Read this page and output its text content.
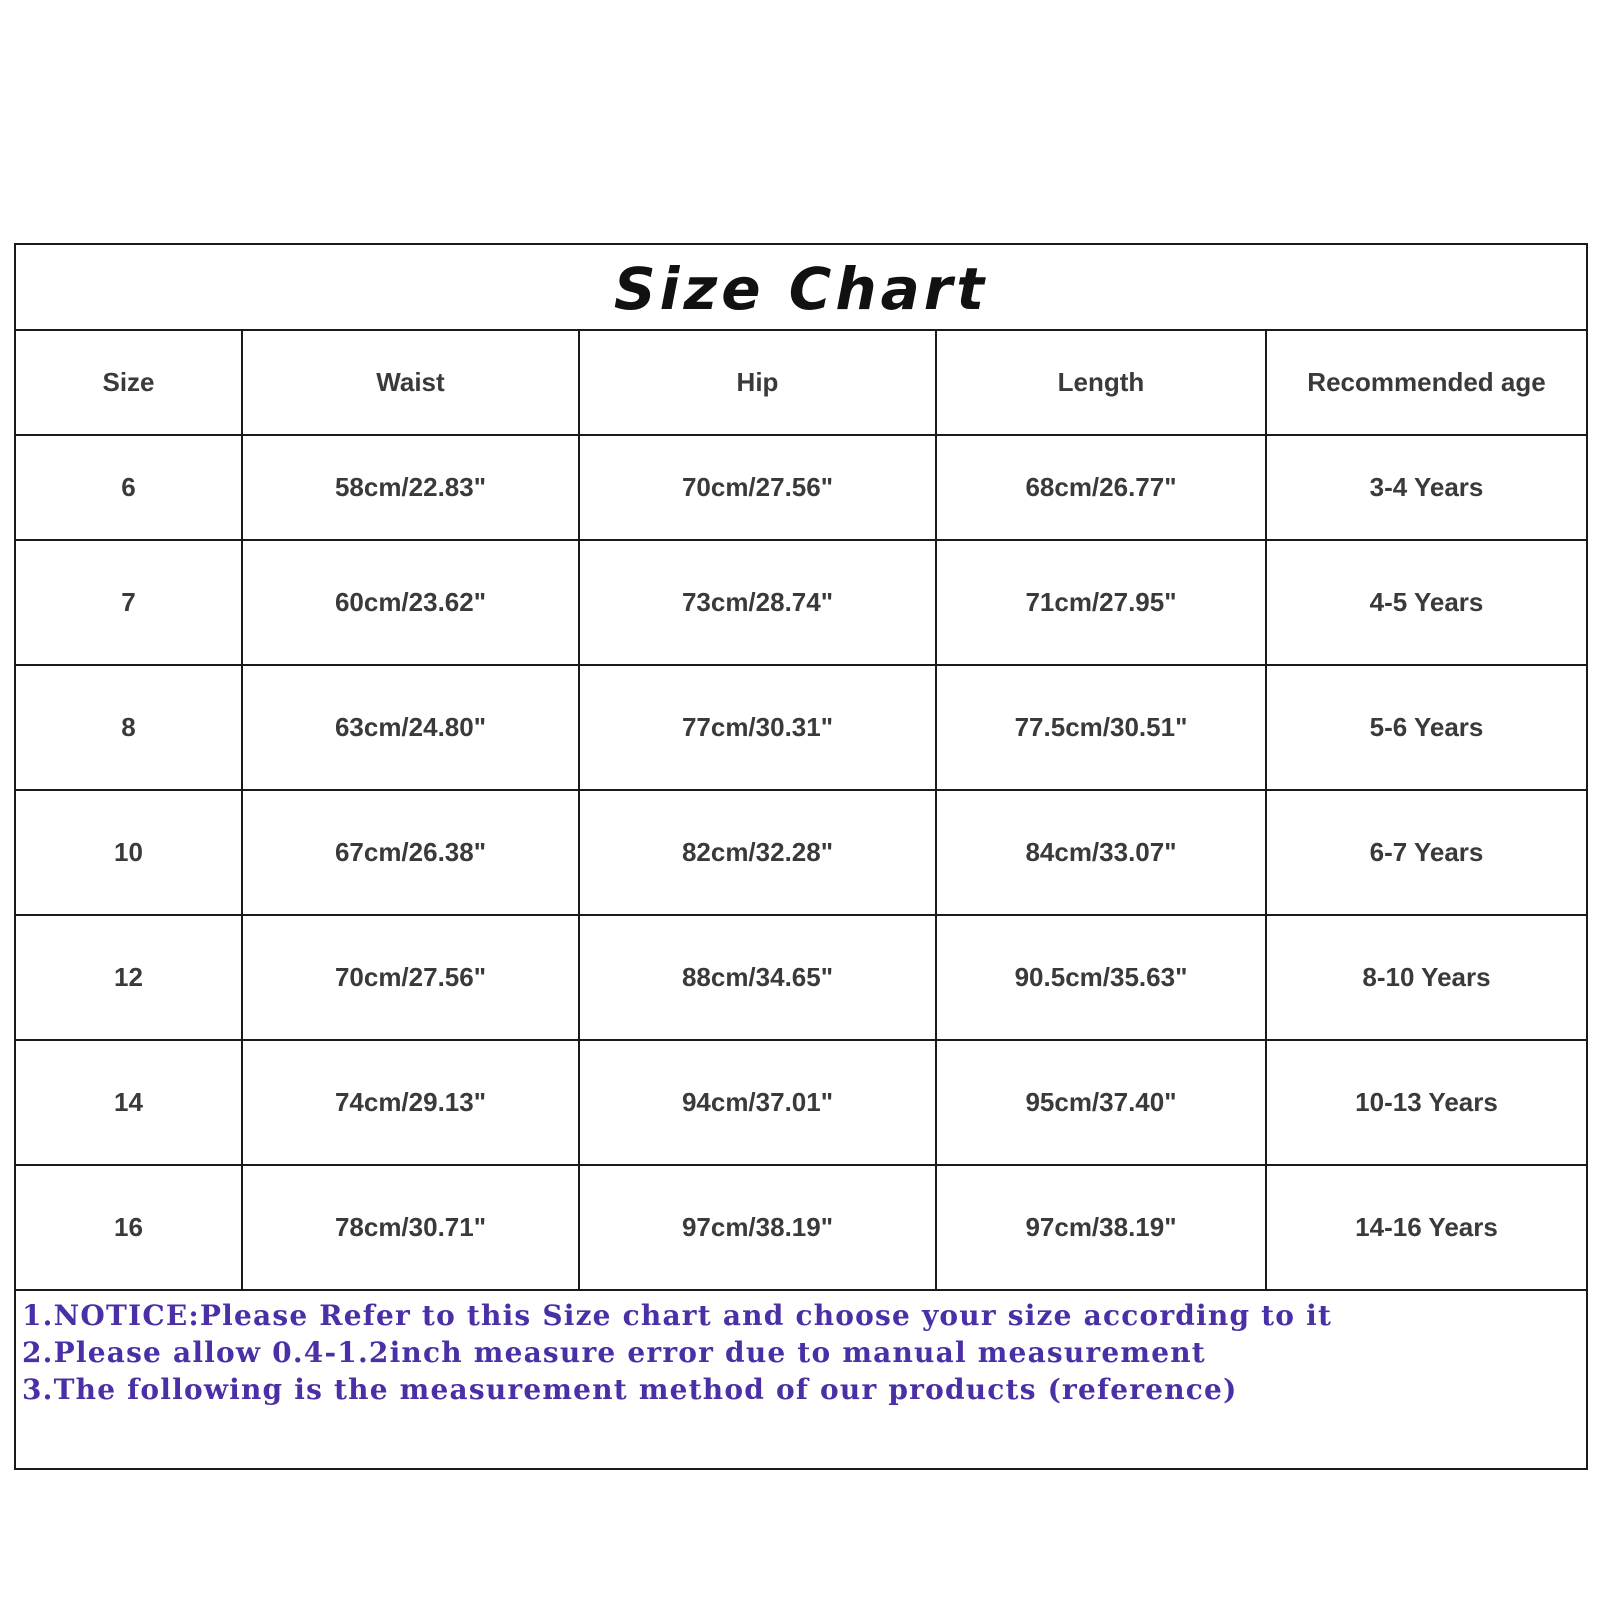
Size Chart
Size	Waist	Hip	Length	Recommended age
6	58cm/22.83"	70cm/27.56"	68cm/26.77"	3-4 Years
7	60cm/23.62"	73cm/28.74"	71cm/27.95"	4-5 Years
8	63cm/24.80"	77cm/30.31"	77.5cm/30.51"	5-6 Years
10	67cm/26.38"	82cm/32.28"	84cm/33.07"	6-7 Years
12	70cm/27.56"	88cm/34.65"	90.5cm/35.63"	8-10 Years
14	74cm/29.13"	94cm/37.01"	95cm/37.40"	10-13 Years
16	78cm/30.71"	97cm/38.19"	97cm/38.19"	14-16 Years
1.NOTICE:Please Refer to this Size chart and choose your size according to it
2.Please allow 0.4-1.2inch measure error due to manual measurement
3.The following is the measurement method of our products (reference)
